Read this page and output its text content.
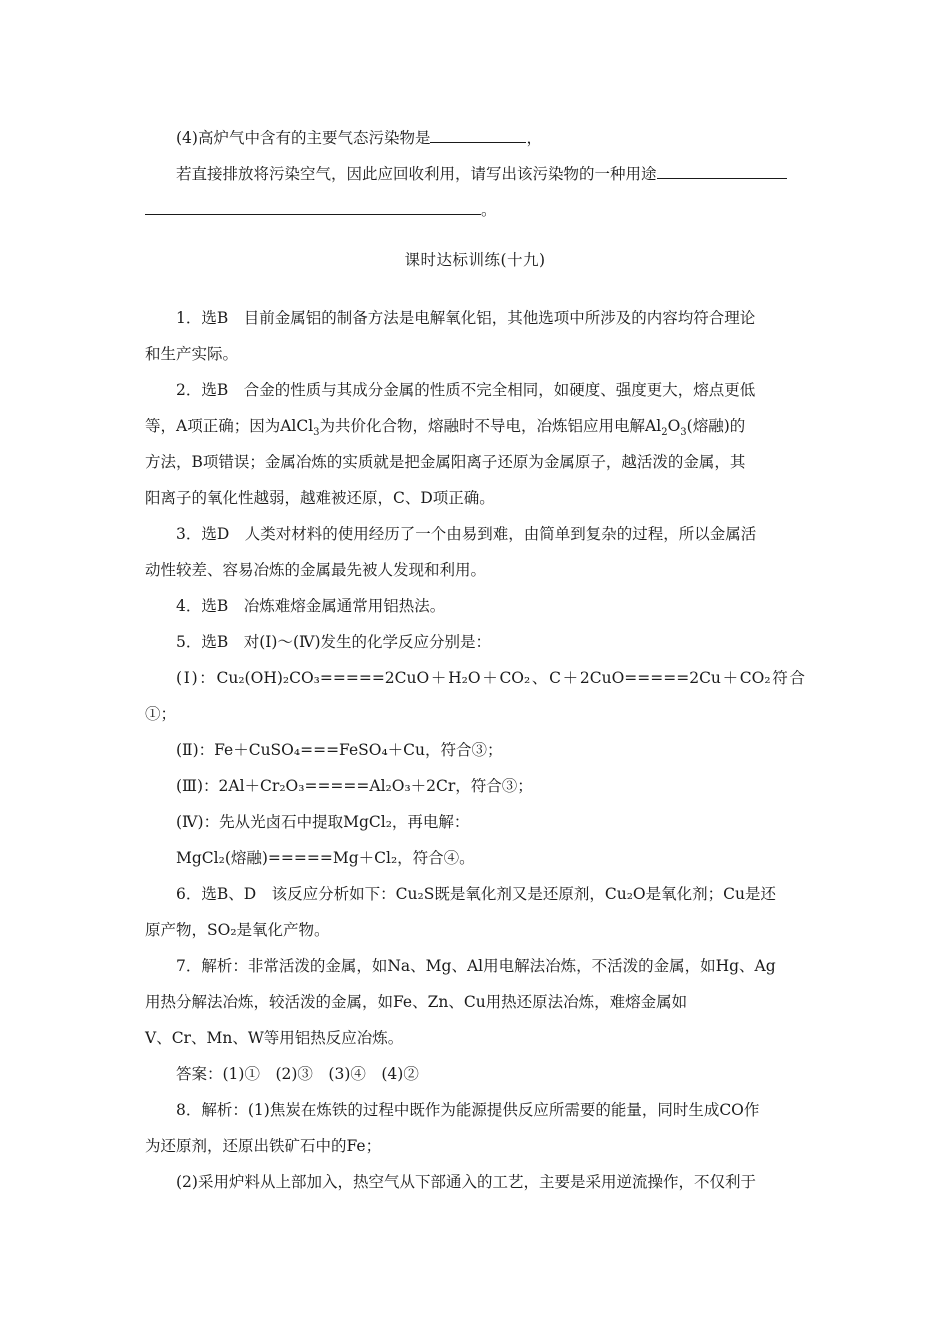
(4)高炉气中含有的主要气态污染物是	，

若直接排放将污染空气，因此应回收利用，请写出该污染物的一种用途

。

课时达标训练(十九)

1．选B　目前金属铝的制备方法是电解氧化铝，其他选项中所涉及的内容均符合理论

和生产实际。

2．选B　合金的性质与其成分金属的性质不完全相同，如硬度、强度更大，熔点更低

等，A项正确；因为AlCl$_3$为共价化合物，熔融时不导电，冶炼铝应用电解$Al_2O_3$(熔融)的

方法，B项错误；金属冶炼的实质就是把金属阳离子还原为金属原子，越活泼的金属，其

阳离子的氧化性越弱，越难被还原，C、D项正确。

3．选D　人类对材料的使用经历了一个由易到难，由简单到复杂的过程，所以金属活

动性较差、容易冶炼的金属最先被人发现和利用。

4．选B　冶炼难熔金属通常用铝热法。

5．选B　对(Ⅰ)～(Ⅳ)发生的化学反应分别是：

(Ⅰ)：Cu₂(OH)₂CO₃=====2CuO＋H₂O＋CO₂、C＋2CuO=====2Cu＋CO₂符合①；

(Ⅱ)：Fe＋CuSO₄===FeSO₄＋Cu，符合③；

(Ⅲ)：2Al＋Cr₂O₃=====Al₂O₃＋2Cr，符合③；

(Ⅳ)：先从光卤石中提取MgCl₂，再电解：

MgCl₂(熔融)=====Mg＋Cl₂，符合④。

6．选B、D　该反应分析如下：Cu₂S既是氧化剂又是还原剂，Cu₂O是氧化剂；Cu是还

原产物，SO₂是氧化产物。

7．解析：非常活泼的金属，如Na、Mg、Al用电解法冶炼，不活泼的金属，如Hg、Ag

用热分解法冶炼，较活泼的金属，如Fe、Zn、Cu用热还原法冶炼，难熔金属如

V、Cr、Mn、W等用铝热反应冶炼。

答案：(1)①　(2)③　(3)④　(4)②

8．解析：(1)焦炭在炼铁的过程中既作为能源提供反应所需要的能量，同时生成CO作

为还原剂，还原出铁矿石中的Fe；

(2)采用炉料从上部加入，热空气从下部通入的工艺，主要是采用逆流操作，不仅利于
